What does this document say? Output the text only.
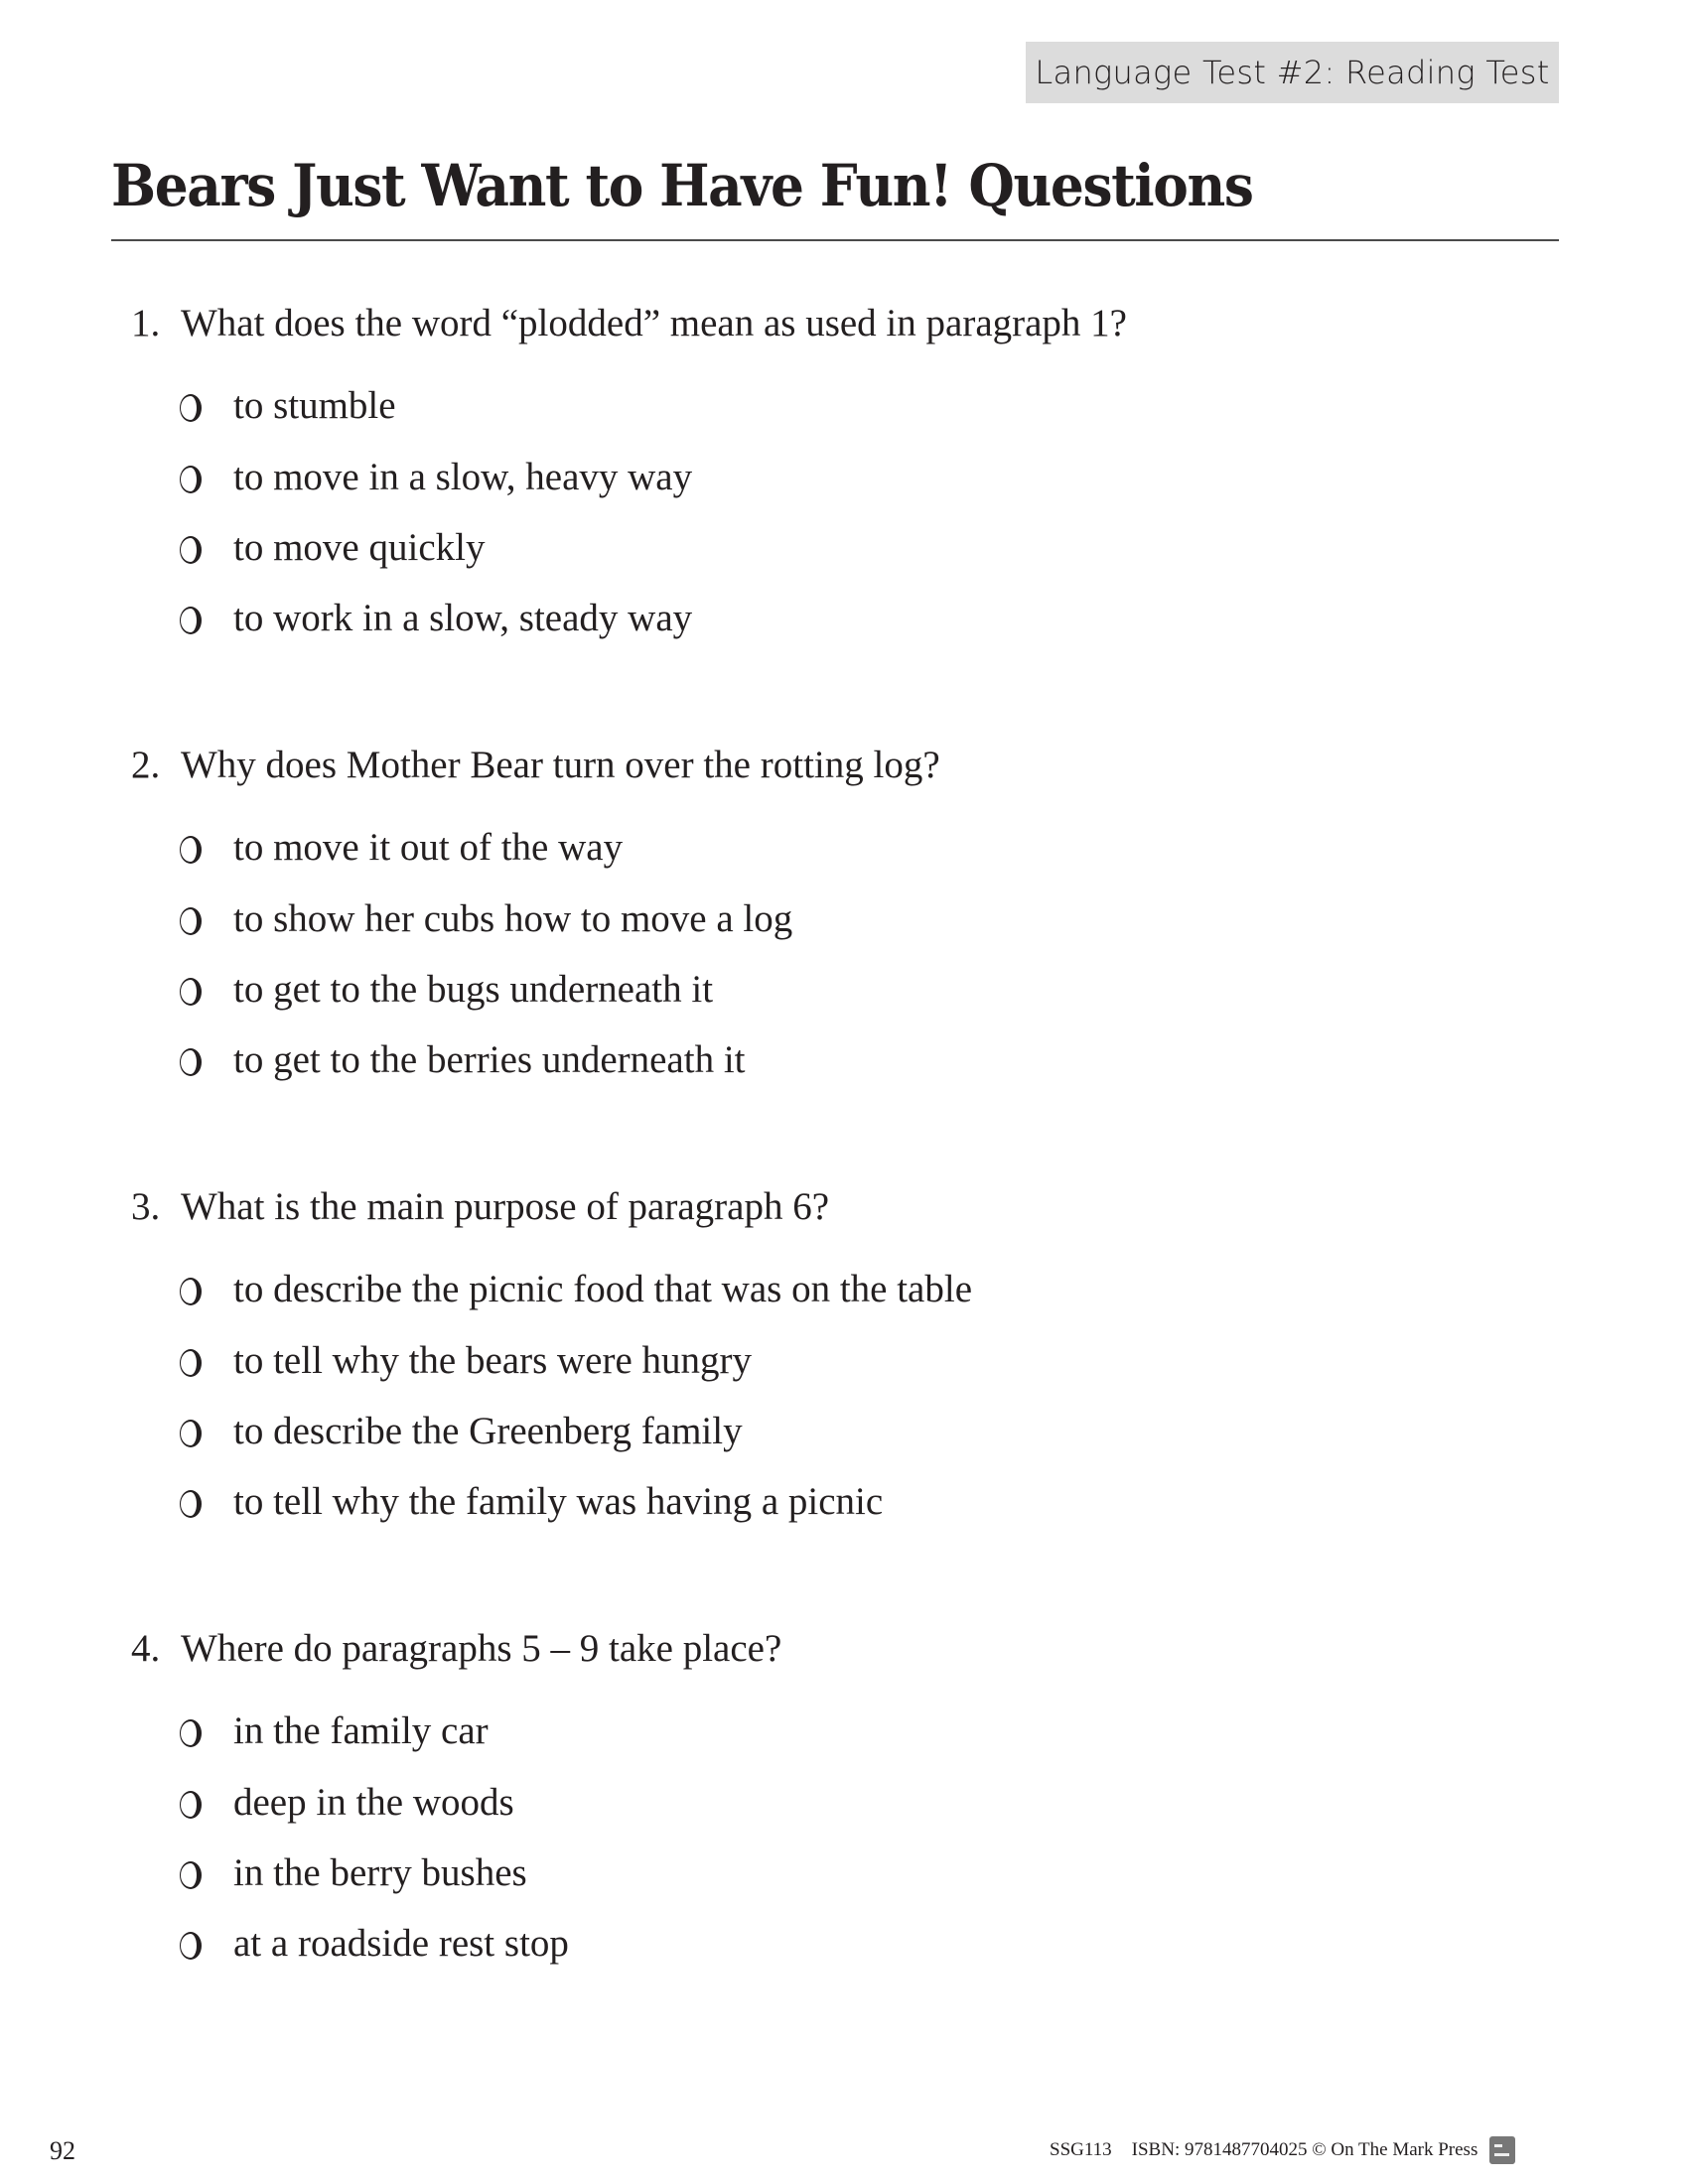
Language Test #2: Reading Test
Bears Just Want to Have Fun! Questions
1. What does the word “plodded” mean as used in paragraph 1?
to stumble
to move in a slow, heavy way
to move quickly
to work in a slow, steady way
2. Why does Mother Bear turn over the rotting log?
to move it out of the way
to show her cubs how to move a log
to get to the bugs underneath it
to get to the berries underneath it
3. What is the main purpose of paragraph 6?
to describe the picnic food that was on the table
to tell why the bears were hungry
to describe the Greenberg family
to tell why the family was having a picnic
4. Where do paragraphs 5 – 9 take place?
in the family car
deep in the woods
in the berry bushes
at a roadside rest stop
92	SSG113 ISBN: 9781487704025 © On The Mark Press
